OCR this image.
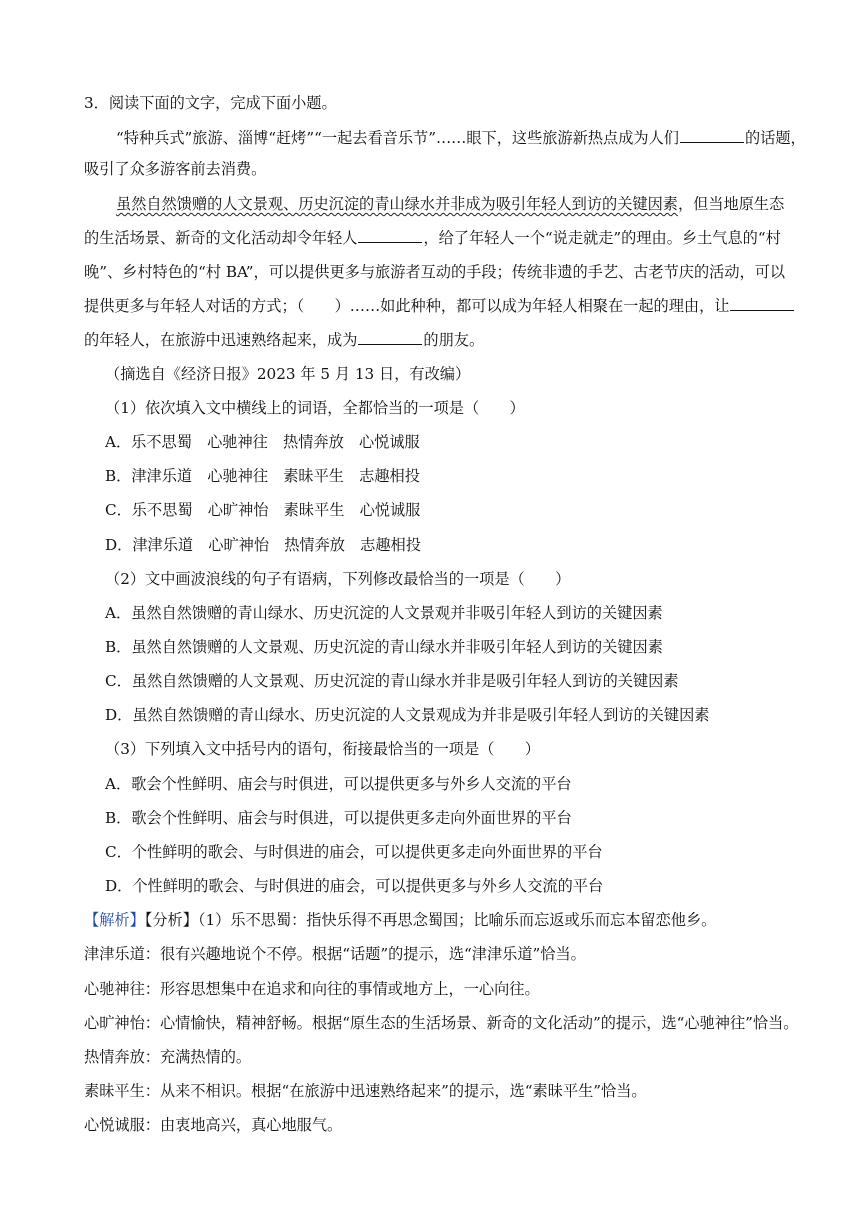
3．阅读下面的文字，完成下面小题。
“特种兵式”旅游、淄博“赶烤”“一起去看音乐节”……眼下，这些旅游新热点成为人们	的话题，
吸引了众多游客前去消费。
虽然自然馈赠的人文景观、历史沉淀的青山绿水并非成为吸引年轻人到访的关键因素，但当地原生态
的生活场景、新奇的文化活动却令年轻人	，给了年轻人一个“说走就走”的理由。乡土气息的“村
晚”、乡村特色的“村 BA”，可以提供更多与旅游者互动的手段；传统非遗的手艺、古老节庆的活动，可以
提供更多与年轻人对话的方式；（　　）……如此种种，都可以成为年轻人相聚在一起的理由，让
的年轻人，在旅游中迅速熟络起来，成为	的朋友。
（摘选自《经济日报》2023 年 5 月 13 日，有改编）
（1）依次填入文中横线上的词语，全都恰当的一项是（　　）
A．乐不思蜀　心驰神往　热情奔放　心悦诚服
B．津津乐道　心驰神往　素昧平生　志趣相投
C．乐不思蜀　心旷神怡　素昧平生　心悦诚服
D．津津乐道　心旷神怡　热情奔放　志趣相投
（2）文中画波浪线的句子有语病，下列修改最恰当的一项是（　　）
A．虽然自然馈赠的青山绿水、历史沉淀的人文景观并非吸引年轻人到访的关键因素
B．虽然自然馈赠的人文景观、历史沉淀的青山绿水并非吸引年轻人到访的关键因素
C．虽然自然馈赠的人文景观、历史沉淀的青山绿水并非是吸引年轻人到访的关键因素
D．虽然自然馈赠的青山绿水、历史沉淀的人文景观成为并非是吸引年轻人到访的关键因素
（3）下列填入文中括号内的语句，衔接最恰当的一项是（　　）
A．歌会个性鲜明、庙会与时俱进，可以提供更多与外乡人交流的平台
B．歌会个性鲜明、庙会与时俱进，可以提供更多走向外面世界的平台
C．个性鲜明的歌会、与时俱进的庙会，可以提供更多走向外面世界的平台
D．个性鲜明的歌会、与时俱进的庙会，可以提供更多与外乡人交流的平台
【解析】【分析】（1）乐不思蜀：指快乐得不再思念蜀国；比喻乐而忘返或乐而忘本留恋他乡。
津津乐道：很有兴趣地说个不停。根据“话题”的提示，选“津津乐道”恰当。
心驰神往：形容思想集中在追求和向往的事情或地方上，一心向往。
心旷神怡：心情愉快，精神舒畅。根据“原生态的生活场景、新奇的文化活动”的提示，选“心驰神往”恰当。
热情奔放：充满热情的。
素昧平生：从来不相识。根据“在旅游中迅速熟络起来”的提示，选“素昧平生”恰当。
心悦诚服：由衷地高兴，真心地服气。
